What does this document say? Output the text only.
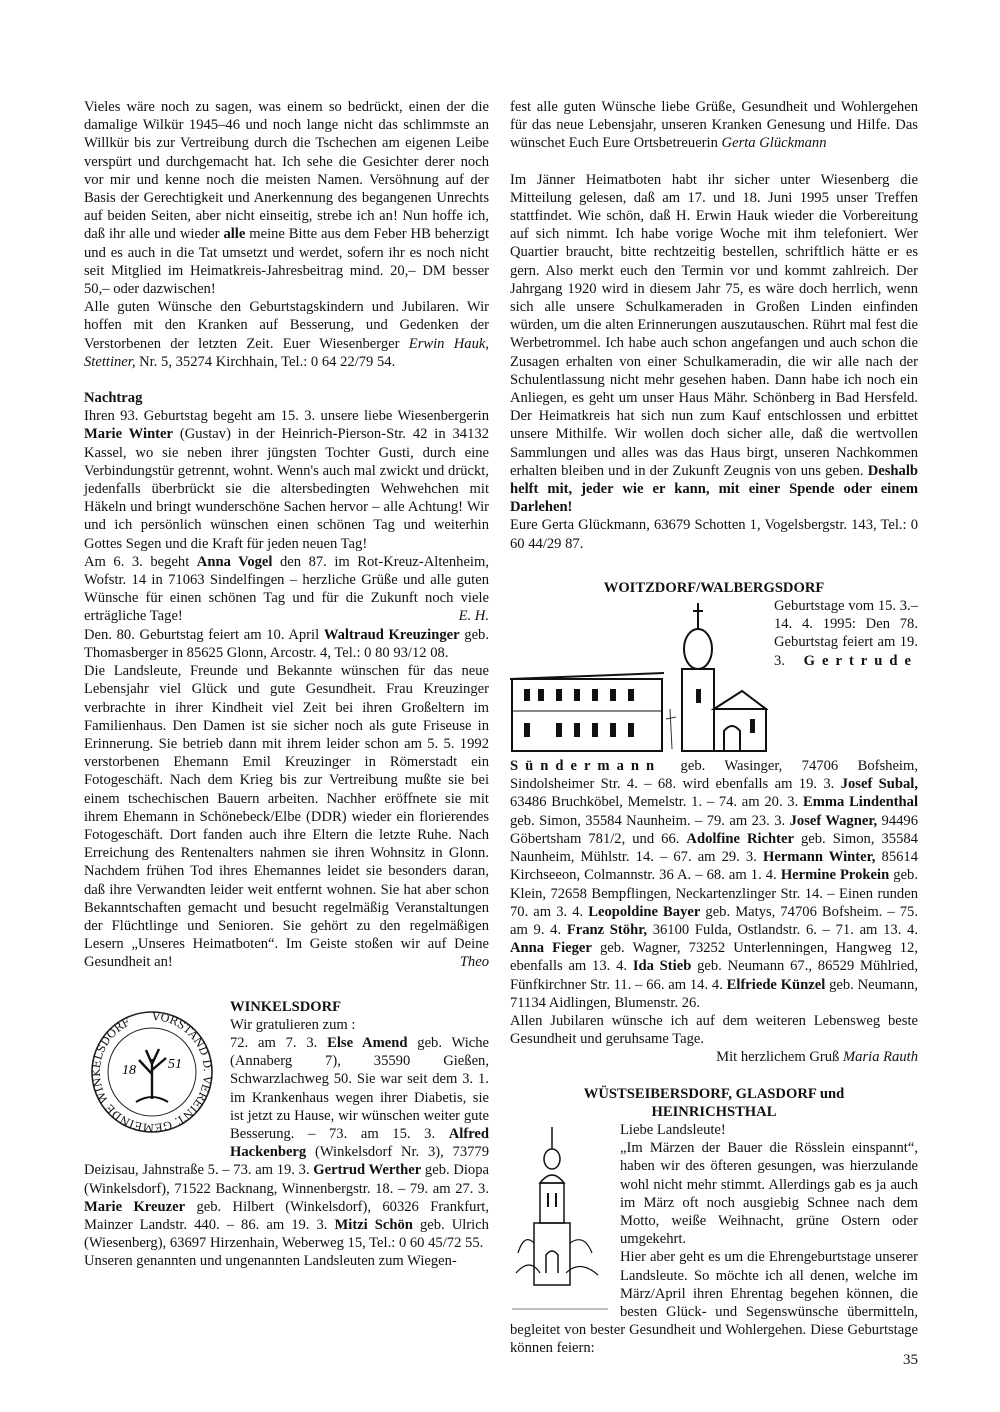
Vieles wäre noch zu sagen, was einem so bedrückt, einen der die damalige Wilkür 1945–46 und noch lange nicht das schlimmste an Willkür bis zur Vertreibung durch die Tschechen am eigenen Leibe verspürt und durchgemacht hat. Ich sehe die Gesichter derer noch vor mir und kenne noch die meisten Namen. Versöhnung auf der Basis der Gerechtigkeit und Anerkennung des begangenen Unrechts auf beiden Seiten, aber nicht einseitig, strebe ich an! Nun hoffe ich, daß ihr alle und wieder alle meine Bitte aus dem Feber HB beherzigt und es auch in die Tat umsetzt und werdet, sofern ihr es noch nicht seit Mitglied im Heimatkreis-Jahresbeitrag mind. 20,– DM besser 50,– oder dazwischen!

Alle guten Wünsche den Geburtstagskindern und Jubilaren. Wir hoffen mit den Kranken auf Besserung, und Gedenken der Verstorbenen der letzten Zeit. Euer Wiesenberger Erwin Hauk, Stettiner, Nr. 5, 35274 Kirchhain, Tel.: 0 64 22/79 54.

Nachtrag

Ihren 93. Geburtstag begeht am 15. 3. unsere liebe Wiesenbergerin Marie Winter (Gustav) in der Heinrich-Pierson-Str. 42 in 34132 Kassel, wo sie neben ihrer jüngsten Tochter Gusti, durch eine Verbindungstür getrennt, wohnt. Wenn's auch mal zwickt und drückt, jedenfalls überbrückt sie die altersbedingten Wehwehchen mit Häkeln und bringt wunderschöne Sachen hervor – alle Achtung! Wir und ich persönlich wünschen einen schönen Tag und weiterhin Gottes Segen und die Kraft für jeden neuen Tag!

Am 6. 3. begeht Anna Vogel den 87. im Rot-Kreuz-Altenheim, Wofstr. 14 in 71063 Sindelfingen – herzliche Grüße und alle guten Wünsche für einen schönen Tag und für die Zukunft noch viele erträgliche Tage!	E. H.

Den. 80. Geburtstag feiert am 10. April Waltraud Kreuzinger geb. Thomasberger in 85625 Glonn, Arcostr. 4, Tel.: 0 80 93/12 08.

Die Landsleute, Freunde und Bekannte wünschen für das neue Lebensjahr viel Glück und gute Gesundheit. Frau Kreuzinger verbrachte in ihrer Kindheit viel Zeit bei ihren Großeltern im Familienhaus. Den Damen ist sie sicher noch als gute Friseuse in Erinnerung. Sie betrieb dann mit ihrem leider schon am 5. 5. 1992 verstorbenen Ehemann Emil Kreuzinger in Römerstadt ein Fotogeschäft. Nach dem Krieg bis zur Vertreibung mußte sie bei einem tschechischen Bauern arbeiten. Nachher eröffnete sie mit ihrem Ehemann in Schönebeck/Elbe (DDR) wieder ein florierendes Fotogeschäft. Dort fanden auch ihre Eltern die letzte Ruhe. Nach Erreichung des Rentenalters nahmen sie ihren Wohnsitz in Glonn. Nachdem frühen Tod ihres Ehemannes leidet sie besonders daran, daß ihre Verwandten leider weit entfernt wohnen. Sie hat aber schon Bekanntschaften gemacht und besucht regelmäßig Veranstaltungen der Flüchtlinge und Senioren. Sie gehört zu den regelmäßigen Lesern „Unseres Heimatboten“. Im Geiste stoßen wir auf Deine Gesundheit an!	Theo

VORSTAND D. VEREINT. GEMEINDE WINKELSDORF
18 51

WINKELSDORF

Wir gratulieren zum :

72. am 7. 3. Else Amend geb. Wiche (Annaberg 7), 35590 Gießen, Schwarzlachweg 50. Sie war seit dem 3. 1. im Krankenhaus wegen ihrer Diabetis, sie ist jetzt zu Hause, wir wünschen weiter gute Besserung. – 73. am 15. 3. Alfred Hackenberg (Winkelsdorf Nr. 3), 73779 Deizisau, Jahnstraße 5. – 73. am 19. 3. Gertrud Werther geb. Diopa (Winkelsdorf), 71522 Backnang, Winnenbergstr. 18. – 79. am 27. 3. Marie Kreuzer geb. Hilbert (Winkelsdorf), 60326 Frankfurt, Mainzer Landstr. 440. – 86. am 19. 3. Mitzi Schön geb. Ulrich (Wiesenberg), 63697 Hirzenhain, Weberweg 15, Tel.: 0 60 45/72 55.

Unseren genannten und ungenannten Landsleuten zum Wiegen-

fest alle guten Wünsche liebe Grüße, Gesundheit und Wohlergehen für das neue Lebensjahr, unseren Kranken Genesung und Hilfe. Das wünschet Euch Eure Ortsbetreuerin Gerta Glückmann

Im Jänner Heimatboten habt ihr sicher unter Wiesenberg die Mitteilung gelesen, daß am 17. und 18. Juni 1995 unser Treffen stattfindet. Wie schön, daß H. Erwin Hauk wieder die Vorbereitung auf sich nimmt. Ich habe vorige Woche mit ihm telefoniert. Wer Quartier braucht, bitte rechtzeitig bestellen, schriftlich hätte er es gern. Also merkt euch den Termin vor und kommt zahlreich. Der Jahrgang 1920 wird in diesem Jahr 75, es wäre doch herrlich, wenn sich alle unsere Schulkameraden in Großen Linden einfinden würden, um die alten Erinnerungen auszutauschen. Rührt mal fest die Werbetrommel. Ich habe auch schon angefangen und auch schon die Zusagen erhalten von einer Schulkameradin, die wir alle nach der Schulentlassung nicht mehr gesehen haben. Dann habe ich noch ein Anliegen, es geht um unser Haus Mähr. Schönberg in Bad Hersfeld. Der Heimatkreis hat sich nun zum Kauf entschlossen und erbittet unsere Mithilfe. Wir wollen doch sicher alle, daß die wertvollen Sammlungen und alles was das Haus birgt, unseren Nachkommen erhalten bleiben und in der Zukunft Zeugnis von uns geben. Deshalb helft mit, jeder wie er kann, mit einer Spende oder einem Darlehen!

Eure Gerta Glückmann, 63679 Schotten 1, Vogelsbergstr. 143, Tel.: 0 60 44/29 87.

WOITZDORF/WALBERGSDORF

Geburtstage vom 15. 3.–14. 4. 1995: Den 78. Geburtstag feiert am 19. 3. Gertrude Sündermann geb. Wasinger, 74706 Bofsheim, Sindolsheimer Str. 4. – 68. wird ebenfalls am 19. 3. Josef Subal, 63486 Bruchköbel, Memelstr. 1. – 74. am 20. 3. Emma Lindenthal geb. Simon, 35584 Naunheim. – 79. am 23. 3. Josef Wagner, 94496 Göbertsham 781/2, und 66. Adolfine Richter geb. Simon, 35584 Naunheim, Mühlstr. 14. – 67. am 29. 3. Hermann Winter, 85614 Kirchseeon, Colmannstr. 36 A. – 68. am 1. 4. Hermine Prokein geb. Klein, 72658 Bempflingen, Neckartenzlinger Str. 14. – Einen runden 70. am 3. 4. Leopoldine Bayer geb. Matys, 74706 Bofsheim. – 75. am 9. 4. Franz Stöhr, 36100 Fulda, Ostlandstr. 6. – 71. am 13. 4. Anna Fieger geb. Wagner, 73252 Unterlenningen, Hangweg 12, ebenfalls am 13. 4. Ida Stieb geb. Neumann 67., 86529 Mühlried, Fünfkirchner Str. 11. – 66. am 14. 4. Elfriede Künzel geb. Neumann, 71134 Aidlingen, Blumenstr. 26.

Allen Jubilaren wünsche ich auf dem weiteren Lebensweg beste Gesundheit und geruhsame Tage.

Mit herzlichem Gruß Maria Rauth

WÜSTSEIBERSDORF, GLASDORF und

HEINRICHSTHAL

Liebe Landsleute!

„Im Märzen der Bauer die Rösslein einspannt“, haben wir des öfteren gesungen, was hierzulande wohl nicht mehr stimmt. Allerdings gab es ja auch im März oft noch ausgiebig Schnee nach dem Motto, weiße Weihnacht, grüne Ostern oder umgekehrt.

Hier aber geht es um die Ehrengeburtstage unserer Landsleute. So möchte ich all denen, welche im März/April ihren Ehrentag begehen können, die besten Glück- und Segenswünsche übermitteln, begleitet von bester Gesundheit und Wohlergehen. Diese Geburtstage können feiern:

35
